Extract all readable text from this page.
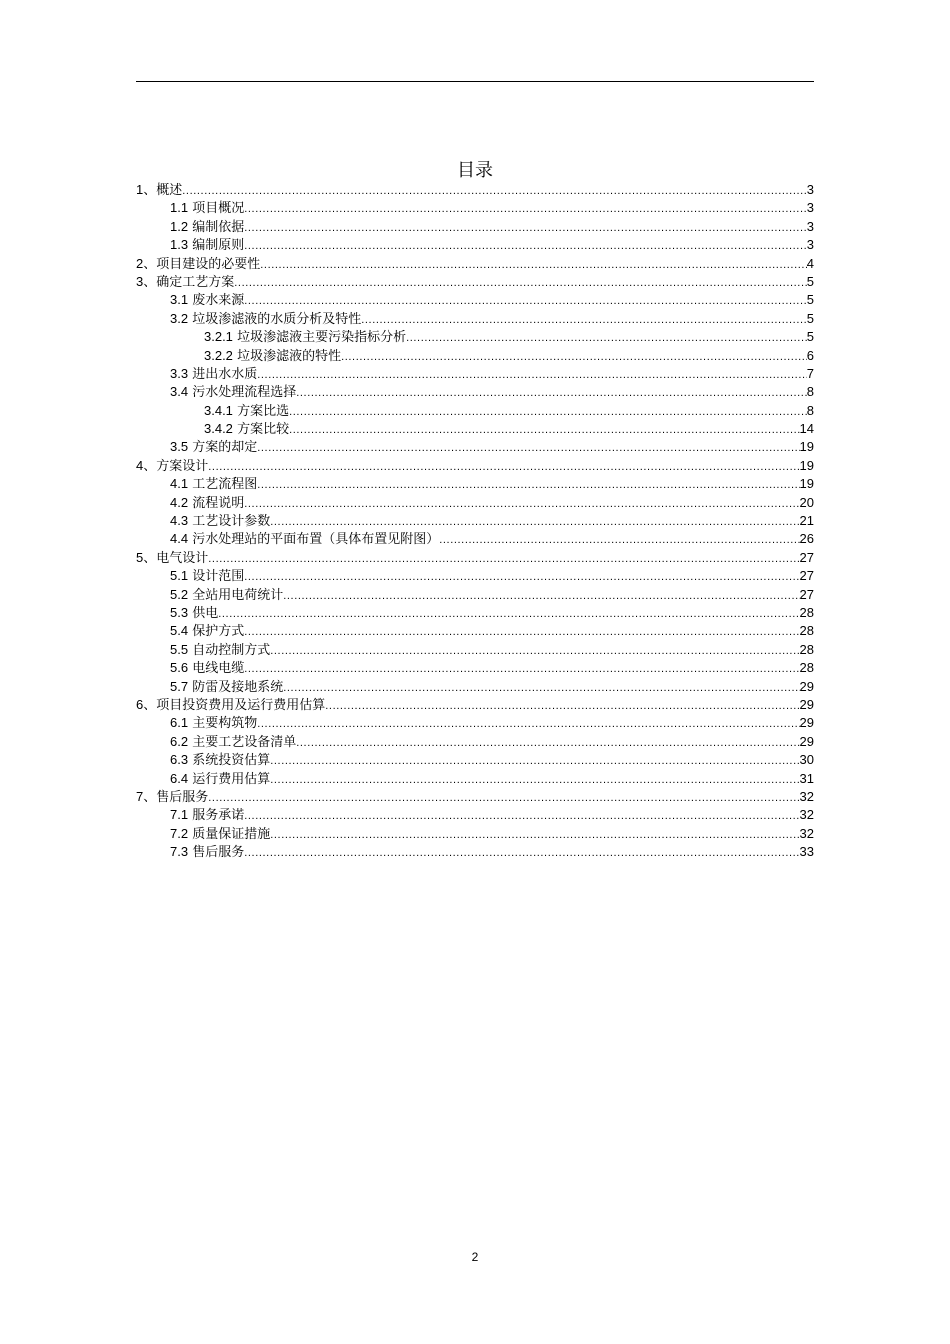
目录
1、概述 .....	3
1.1 项目概况 .....	3
1.2 编制依据 .....	3
1.3 编制原则 .....	3
2、项目建设的必要性 .....	4
3、确定工艺方案 .....	5
3.1 废水来源 .....	5
3.2 垃圾渗滤液的水质分析及特性 .....	5
3.2.1 垃圾渗滤液主要污染指标分析 .....	5
3.2.2 垃圾渗滤液的特性 .....	6
3.3 进出水水质 .....	7
3.4 污水处理流程选择 .....	8
3.4.1 方案比选 .....	8
3.4.2 方案比较 .....	14
3.5 方案的却定 .....	19
4、方案设计 .....	19
4.1 工艺流程图 .....	19
4.2 流程说明 .....	20
4.3 工艺设计参数 .....	21
4.4 污水处理站的平面布置（具体布置见附图） .....	26
5、电气设计 .....	27
5.1 设计范围 .....	27
5.2 全站用电荷统计 .....	27
5.3 供电 .....	28
5.4 保护方式 .....	28
5.5 自动控制方式 .....	28
5.6 电线电缆 .....	28
5.7 防雷及接地系统 .....	29
6、项目投资费用及运行费用估算 .....	29
6.1 主要构筑物 .....	29
6.2 主要工艺设备清单 .....	29
6.3 系统投资估算 .....	30
6.4 运行费用估算 .....	31
7、售后服务 .....	32
7.1 服务承诺 .....	32
7.2 质量保证措施 .....	32
7.3 售后服务 .....	33
2
